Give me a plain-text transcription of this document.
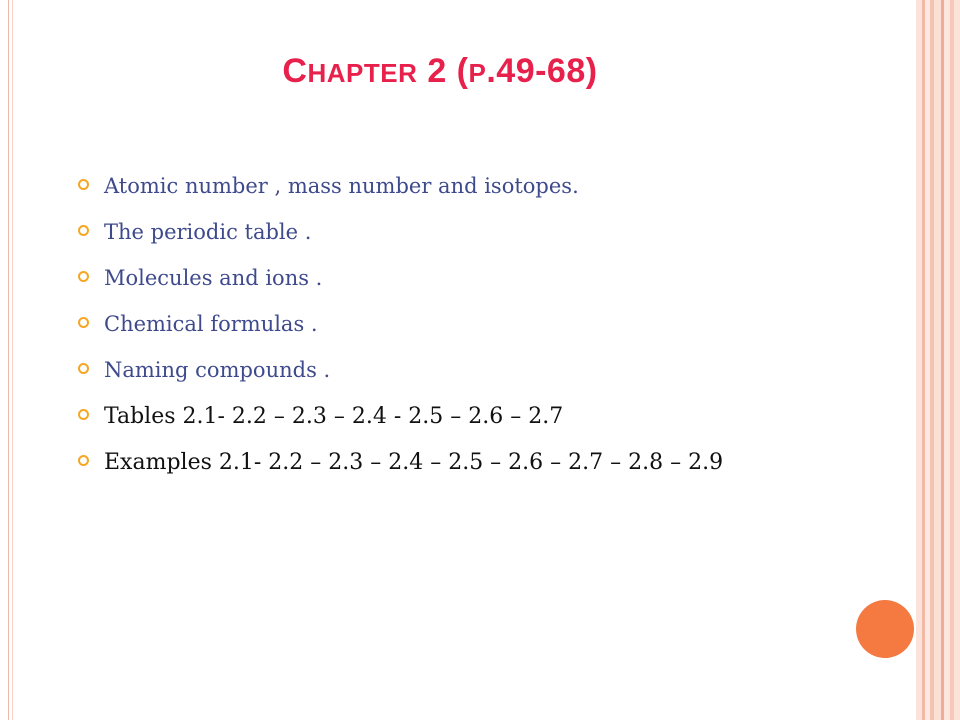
CHAPTER 2 (P.49-68)
Atomic number , mass number and isotopes.
The periodic table .
Molecules and ions .
Chemical formulas .
Naming compounds .
Tables 2.1- 2.2 – 2.3 – 2.4 - 2.5 – 2.6 – 2.7
Examples 2.1- 2.2 – 2.3 – 2.4 – 2.5 – 2.6 – 2.7 – 2.8 – 2.9
